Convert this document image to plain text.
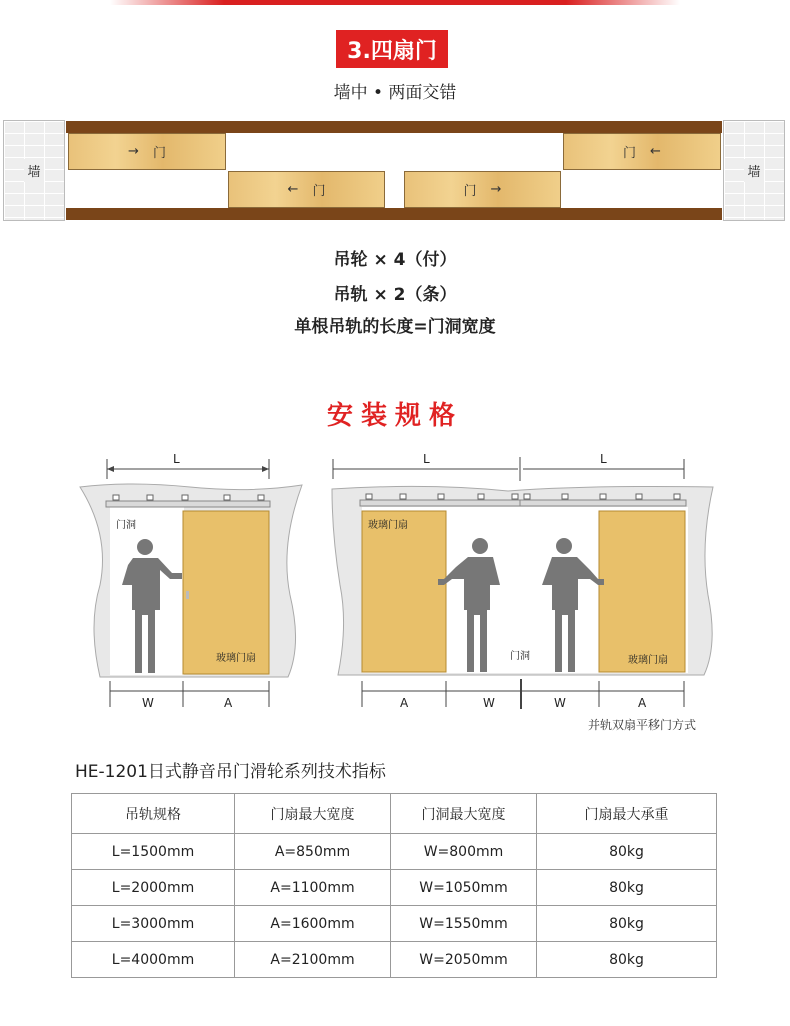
3.四扇门
墙中 • 两面交错
墙	墙
→ 门
← 门	门 →
门 ←
吊轮 × 4（付）
吊轨 × 2（条）
单根吊轨的长度=门洞宽度
安装规格
L
门洞
玻璃门扇
W	A
L	L
玻璃门扇
门洞	玻璃门扇
A	W	W	A
并轨双扇平移门方式
HE-1201日式静音吊门滑轮系列技术指标
吊轨规格	门扇最大宽度	门洞最大宽度	门扇最大承重
L=1500mm	A=850mm	W=800mm	80kg
L=2000mm	A=1100mm	W=1050mm	80kg
L=3000mm	A=1600mm	W=1550mm	80kg
L=4000mm	A=2100mm	W=2050mm	80kg
